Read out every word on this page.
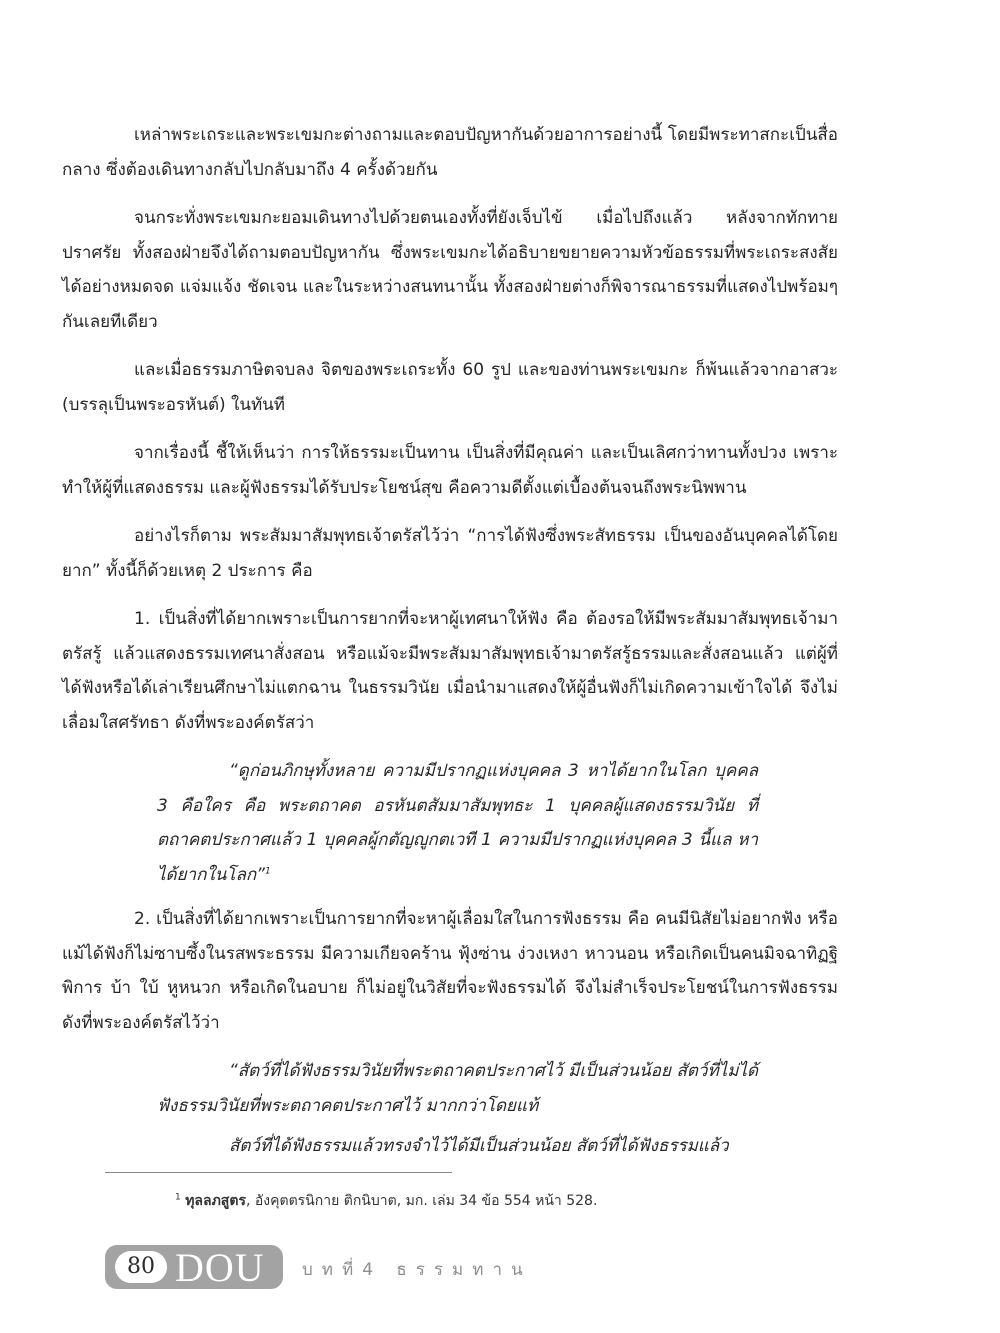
เหล่าพระเถระและพระเขมกะต่างถามและตอบปัญหากันด้วยอาการอย่างนี้ โดยมีพระทาสกะเป็นสื่อกลาง ซึ่งต้องเดินทางกลับไปกลับมาถึง 4 ครั้งด้วยกัน

จนกระทั่งพระเขมกะยอมเดินทางไปด้วยตนเองทั้งที่ยังเจ็บไข้ เมื่อไปถึงแล้ว หลังจากทักทายปราศรัย ทั้งสองฝ่ายจึงได้ถามตอบปัญหากัน ซึ่งพระเขมกะได้อธิบายขยายความหัวข้อธรรมที่พระเถระสงสัยได้อย่างหมดจด แจ่มแจ้ง ชัดเจน และในระหว่างสนทนานั้น ทั้งสองฝ่ายต่างก็พิจารณาธรรมที่แสดงไปพร้อมๆ กันเลยทีเดียว

และเมื่อธรรมภาษิตจบลง จิตของพระเถระทั้ง 60 รูป และของท่านพระเขมกะ ก็พ้นแล้วจากอาสวะ (บรรลุเป็นพระอรหันต์) ในทันที

จากเรื่องนี้ ชี้ให้เห็นว่า การให้ธรรมะเป็นทาน เป็นสิ่งที่มีคุณค่า และเป็นเลิศกว่าทานทั้งปวง เพราะทำให้ผู้ที่แสดงธรรม และผู้ฟังธรรมได้รับประโยชน์สุข คือความดีตั้งแต่เบื้องต้นจนถึงพระนิพพาน

อย่างไรก็ตาม พระสัมมาสัมพุทธเจ้าตรัสไว้ว่า “การได้ฟังซึ่งพระสัทธรรม เป็นของอันบุคคลได้โดยยาก” ทั้งนี้ก็ด้วยเหตุ 2 ประการ คือ

1. เป็นสิ่งที่ได้ยากเพราะเป็นการยากที่จะหาผู้เทศนาให้ฟัง คือ ต้องรอให้มีพระสัมมาสัมพุทธเจ้ามาตรัสรู้ แล้วแสดงธรรมเทศนาสั่งสอน หรือแม้จะมีพระสัมมาสัมพุทธเจ้ามาตรัสรู้ธรรมและสั่งสอนแล้ว แต่ผู้ที่ได้ฟังหรือได้เล่าเรียนศึกษาไม่แตกฉาน ในธรรมวินัย เมื่อนำมาแสดงให้ผู้อื่นฟังก็ไม่เกิดความเข้าใจได้ จึงไม่เลื่อมใสศรัทธา ดังที่พระองค์ตรัสว่า

“ดูก่อนภิกษุทั้งหลาย ความมีปรากฏแห่งบุคคล 3 หาได้ยากในโลก บุคคล 3 คือใคร คือ พระตถาคต อรหันตสัมมาสัมพุทธะ 1 บุคคลผู้แสดงธรรมวินัย ที่ตถาคตประกาศแล้ว 1 บุคคลผู้กตัญญูกตเวที 1 ความมีปรากฏแห่งบุคคล 3 นี้แล หาได้ยากในโลก”$^1$

2. เป็นสิ่งที่ได้ยากเพราะเป็นการยากที่จะหาผู้เลื่อมใสในการฟังธรรม คือ คนมีนิสัยไม่อยากฟัง หรือแม้ได้ฟังก็ไม่ซาบซึ้งในรสพระธรรม มีความเกียจคร้าน ฟุ้งซ่าน ง่วงเหงา หาวนอน หรือเกิดเป็นคนมิจฉาทิฏฐิ พิการ บ้า ใบ้ หูหนวก หรือเกิดในอบาย ก็ไม่อยู่ในวิสัยที่จะฟังธรรมได้ จึงไม่สำเร็จประโยชน์ในการฟังธรรม ดังที่พระองค์ตรัสไว้ว่า

“สัตว์ที่ได้ฟังธรรมวินัยที่พระตถาคตประกาศไว้ มีเป็นส่วนน้อย สัตว์ที่ไม่ได้ฟังธรรมวินัยที่พระตถาคตประกาศไว้ มากกว่าโดยแท้

สัตว์ที่ได้ฟังธรรมแล้วทรงจำไว้ได้มีเป็นส่วนน้อย สัตว์ที่ได้ฟังธรรมแล้ว

$^1$ ทุลลภสูตร, อังคุตตรนิกาย ติกนิบาต, มก. เล่ม 34 ข้อ 554 หน้า 528.
80 DOU บทที่4 ธรรมทาน
